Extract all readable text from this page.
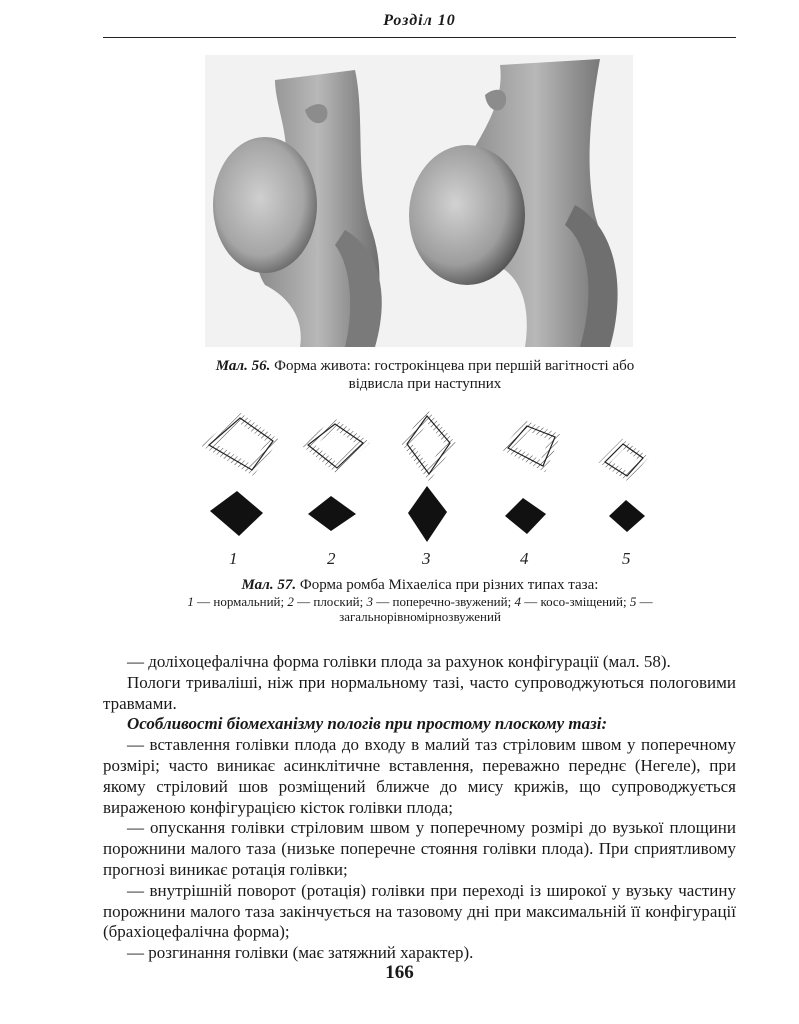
Розділ 10
Мал. 56. Форма живота: гострокінцева при першій вагітності або відвисла при наступних
1	2	3	4	5
Мал. 57. Форма ромба Міхаеліса при різних типах таза:
1 — нормальний; 2 — плоский; 3 — поперечно-звужений; 4 — косо-зміщений; 5 — загальнорівномірнозвужений

— доліхоцефалічна форма голівки плода за рахунок конфігурації (мал. 58).

Пологи триваліші, ніж при нормальному тазі, часто супроводжуються пологовими травмами.

Особливості біомеханізму пологів при простому плоскому тазі:

— вставлення голівки плода до входу в малий таз стріловим швом у поперечному розмірі; часто виникає асинклітичне вставлення, переважно переднє (Негеле), при якому стріловий шов розміщений ближче до мису крижів, що супроводжується вираженою конфігурацією кісток голівки плода;

— опускання голівки стріловим швом у поперечному розмірі до вузької площини порожнини малого таза (низьке поперечне стояння голівки плода). При сприятливому прогнозі виникає ротація голівки;

— внутрішній поворот (ротація) голівки при переході із широкої у вузьку частину порожнини малого таза закінчується на тазовому дні при максимальній її конфігурації (брахіоцефалічна форма);

— розгинання голівки (має затяжний характер).

166
